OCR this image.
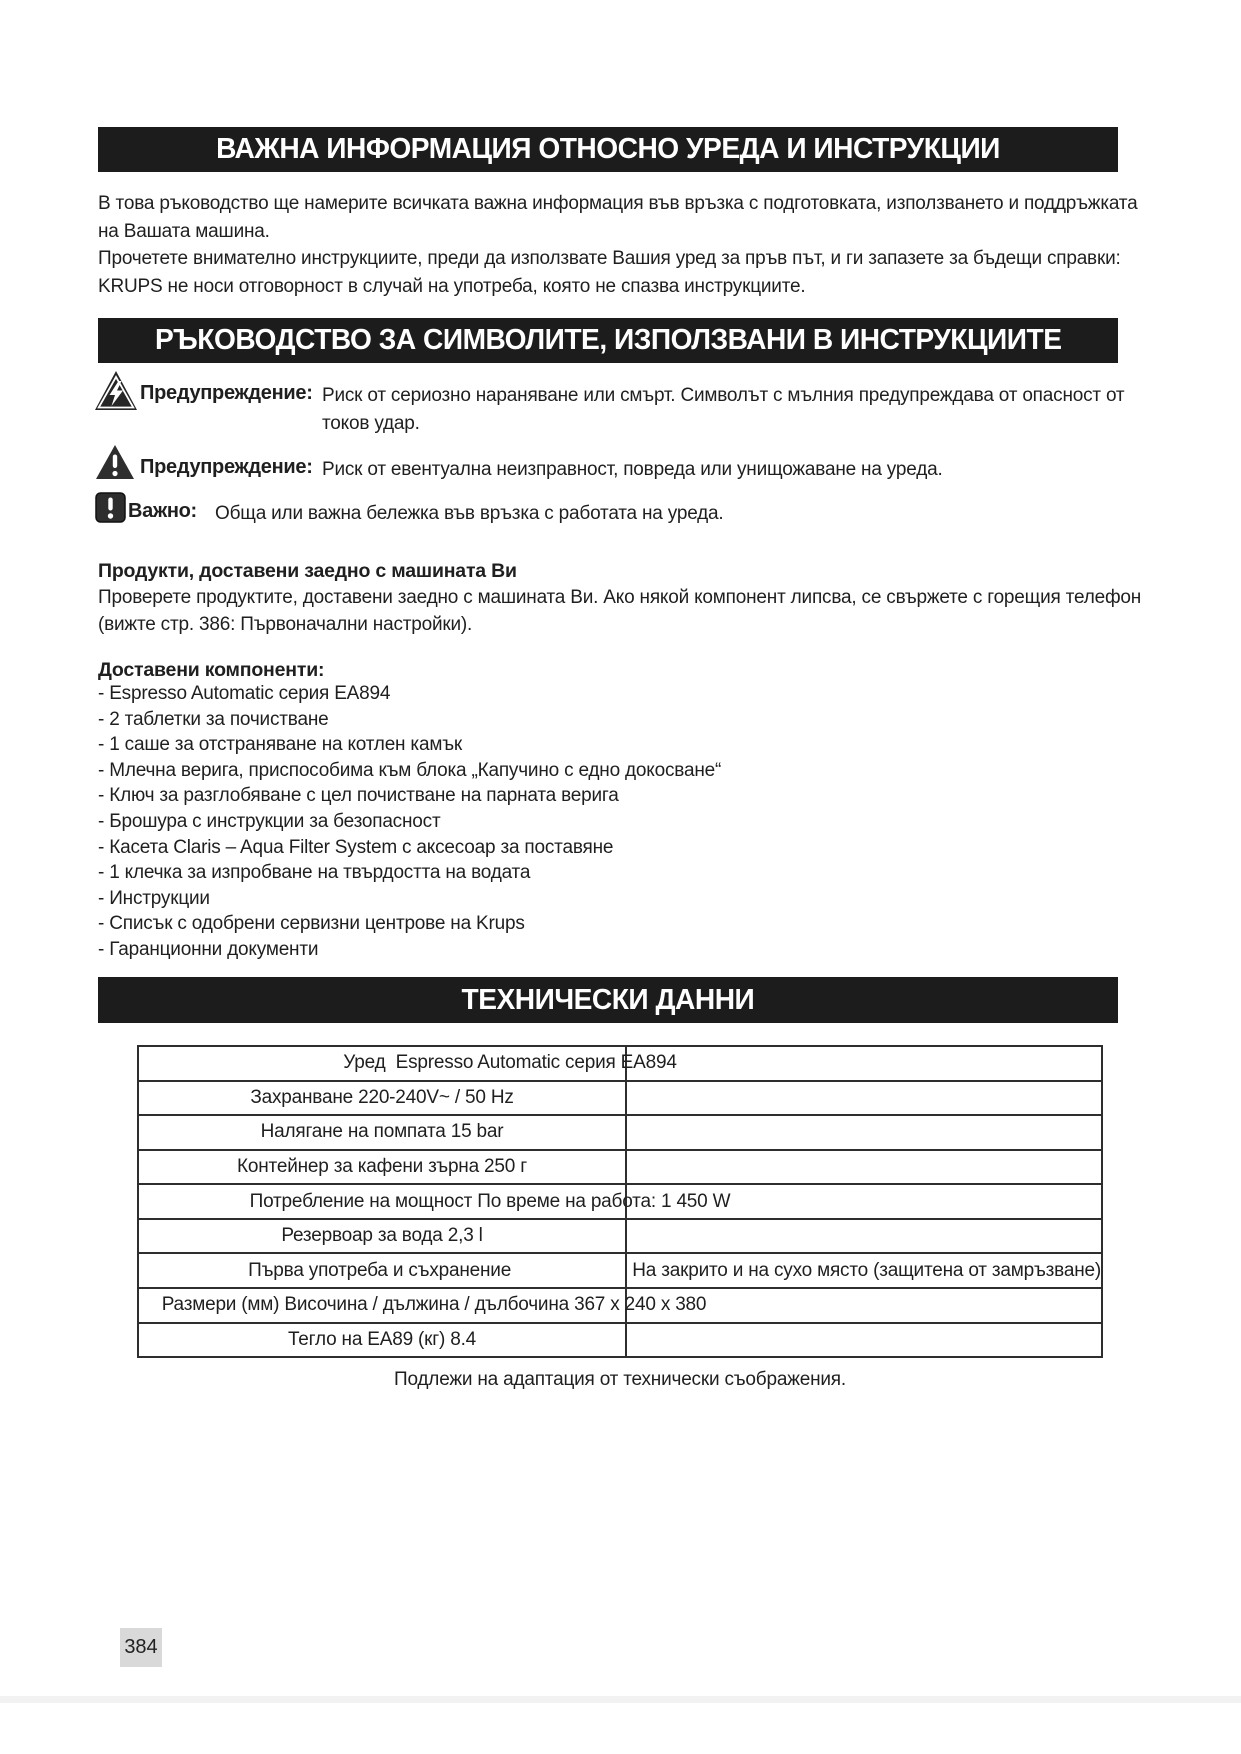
ВАЖНА ИНФОРМАЦИЯ ОТНОСНО УРЕДА И ИНСТРУКЦИИ
В това ръководство ще намерите всичката важна информация във връзка с подготовката, използването и поддръжката
на Вашата машина.
Прочетете внимателно инструкциите, преди да използвате Вашия уред за пръв път, и ги запазете за бъдещи справки:
KRUPS не носи отговорност в случай на употреба, която не спазва инструкциите.
РЪКОВОДСТВО ЗА СИМВОЛИТЕ, ИЗПОЛЗВАНИ В ИНСТРУКЦИИТЕ
Предупреждение: Риск от сериозно нараняване или смърт. Символът с мълния предупреждава от опасност от
токов удар.
Предупреждение: Риск от евентуална неизправност, повреда или унищожаване на уреда.
Важно: Обща или важна бележка във връзка с работата на уреда.
Продукти, доставени заедно с машината Ви
Проверете продуктите, доставени заедно с машината Ви. Ако някой компонент липсва, се свържете с горещия телефон
(вижте стр. 386: Първоначални настройки).
Доставени компоненти:
- Espresso Automatic серия EA894
- 2 таблетки за почистване
- 1 саше за отстраняване на котлен камък
- Млечна верига, приспособима към блока „Капучино с едно докосване“
- Ключ за разглобяване с цел почистване на парната верига
- Брошура с инструкции за безопасност
- Касета Claris – Aqua Filter System с аксесоар за поставяне
- 1 клечка за изпробване на твърдостта на водата
- Инструкции
- Списък с одобрени сервизни центрове на Krups
- Гаранционни документи
ТЕХНИЧЕСКИ ДАННИ
Уред  Espresso Automatic серия EA894
Захранване 220-240V~ / 50 Hz
Налягане на помпата 15 bar
Контейнер за кафени зърна 250 г
Потребление на мощност По време на работа: 1 450 W
Резервоар за вода 2,3 l
Първа употреба и съхранение	На закрито и на сухо място (защитена от замръзване)
Размери (мм) Височина / дължина / дълбочина 367 x 240 x 380
Тегло на EA89 (кг) 8.4
Подлежи на адаптация от технически съображения.
384
